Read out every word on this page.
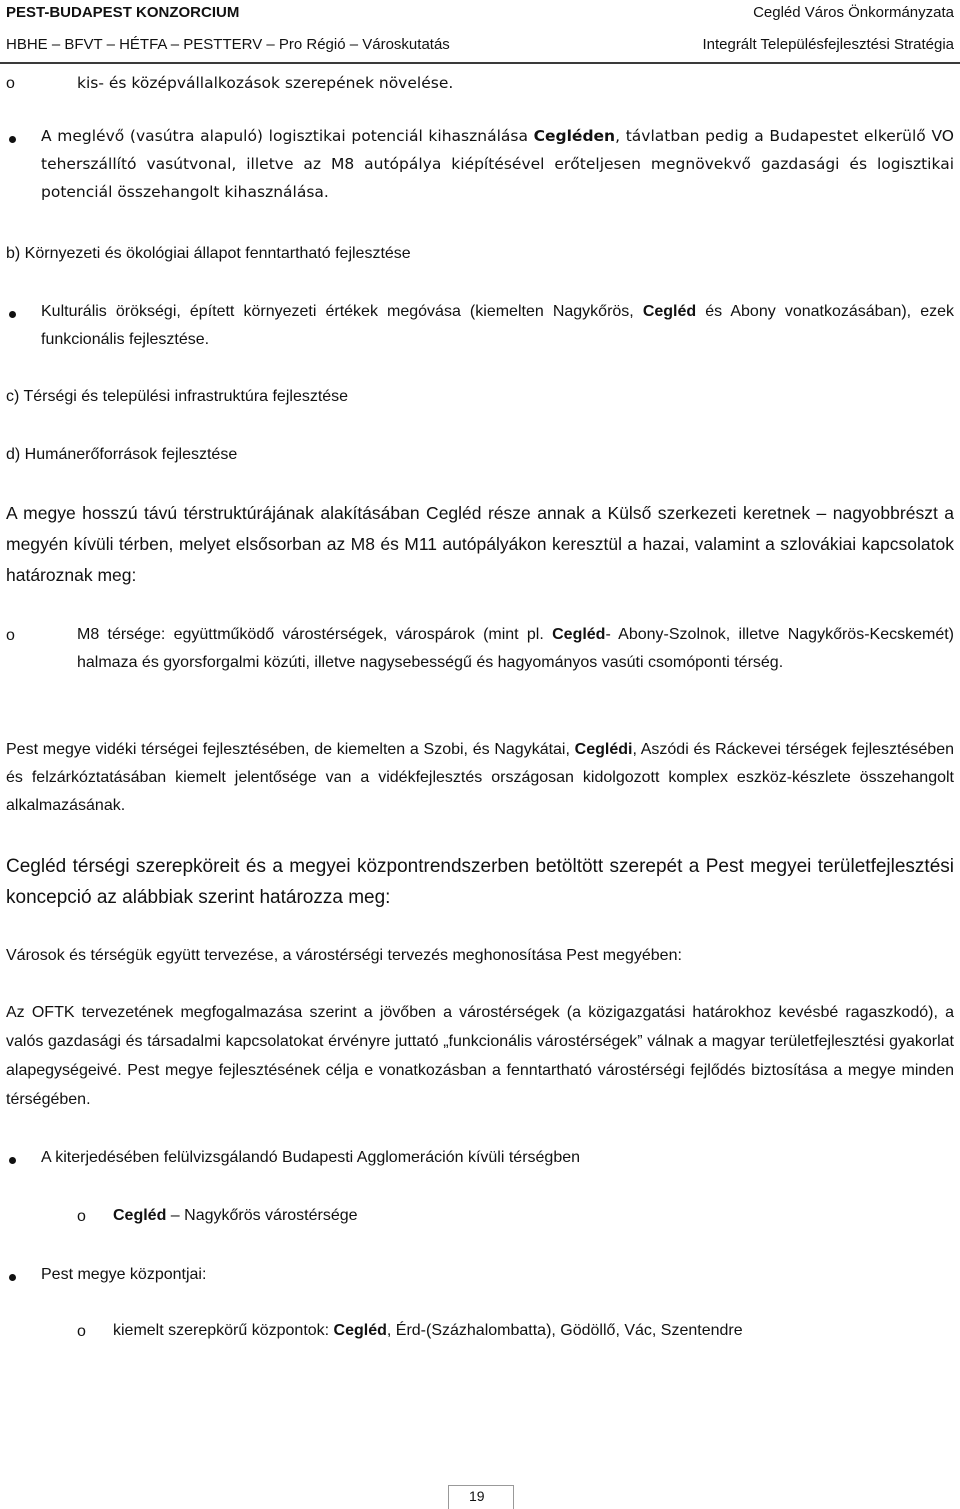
PEST-BUDAPEST KONZORCIUM	Cegléd Város Önkormányzata
HBHE – BFVT – HÉTFA – PESTTERV – Pro Régió – Városkutatás	Integrált Településfejlesztési Stratégia
o	kis- és középvállalkozások szerepének növelése.
A meglévő (vasútra alapuló) logisztikai potenciál kihasználása Cegléden, távlatban pedig a Budapestet elkerülő VO teherszállító vasútvonal, illetve az M8 autópálya kiépítésével erőteljesen megnövekvő gazdasági és logisztikai potenciál összehangolt kihasználása.
b) Környezeti és ökológiai állapot fenntartható fejlesztése
Kulturális örökségi, épített környezeti értékek megóvása (kiemelten Nagykőrös, Cegléd és Abony vonatkozásában), ezek funkcionális fejlesztése.
c) Térségi és települési infrastruktúra fejlesztése
d) Humánerőforrások fejlesztése
A megye hosszú távú térstruktúrájának alakításában Cegléd része annak a Külső szerkezeti keretnek – nagyobbrészt a megyén kívüli térben, melyet elsősorban az M8 és M11 autópályákon keresztül a hazai, valamint a szlovákiai kapcsolatok határoznak meg:
o	M8 térsége: együttműködő várostérségek, várospárok (mint pl. Cegléd- Abony-Szolnok, illetve Nagykőrös-Kecskemét) halmaza és gyorsforgalmi közúti, illetve nagysebességű és hagyományos vasúti csomóponti térség.
Pest megye vidéki térségei fejlesztésében, de kiemelten a Szobi, és Nagykátai, Ceglédi, Aszódi és Ráckevei térségek fejlesztésében és felzárkóztatásában kiemelt jelentősége van a vidékfejlesztés országosan kidolgozott komplex eszköz-készlete összehangolt alkalmazásának.
Cegléd térségi szerepköreit és a megyei központrendszerben betöltött szerepét a Pest megyei területfejlesztési koncepció az alábbiak szerint határozza meg:
Városok és térségük együtt tervezése, a várostérségi tervezés meghonosítása Pest megyében:
Az OFTK tervezetének megfogalmazása szerint a jövőben a várostérségek (a közigazgatási határokhoz kevésbé ragaszkodó), a valós gazdasági és társadalmi kapcsolatokat érvényre juttató „funkcionális várostérségek” válnak a magyar területfejlesztési gyakorlat alapegységeivé. Pest megye fejlesztésének célja e vonatkozásban a fenntartható várostérségi fejlődés biztosítása a megye minden térségében.
A kiterjedésében felülvizsgálandó Budapesti Agglomeráción kívüli térségben
o Cegléd – Nagykőrös várostérsége
Pest megye központjai:
o kiemelt szerepkörű központok: Cegléd, Érd-(Százhalombatta), Gödöllő, Vác, Szentendre
19
